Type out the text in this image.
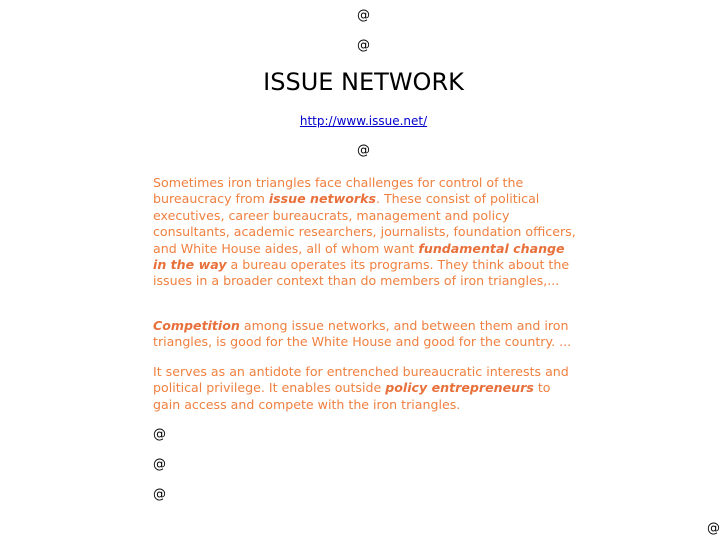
@
@
ISSUE NETWORK
http://www.issue.net/
@

Sometimes iron triangles face challenges for control of the bureaucracy from issue networks. These consist of political executives, career bureaucrats, management and policy consultants, academic researchers, journalists, foundation officers, and White House aides, all of whom want fundamental change in the way a bureau operates its programs. They think about the issues in a broader context than do members of iron triangles,...

Competition among issue networks, and between them and iron triangles, is good for the White House and good for the country. ...

It serves as an antidote for entrenched bureaucratic interests and political privilege. It enables outside policy entrepreneurs to gain access and compete with the iron triangles.

@
@
@
@
